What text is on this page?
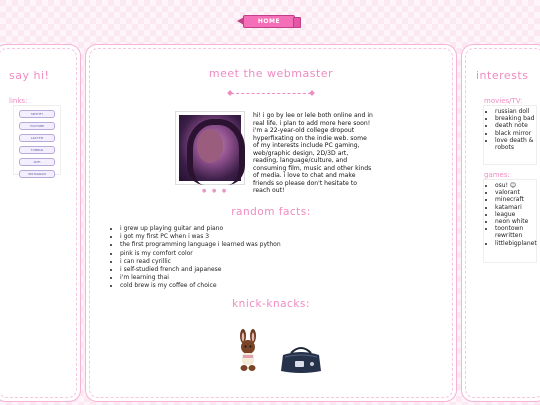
HOME
say hi!
links:
SPOTIFY
YOUTUBE
LAST.FM
TUMBLR
KOFI
INSTAGRAM
meet the webmaster
● ● ●
hi! i go by lee or lele both online and in real life. i plan to add more here soon! i'm a 22-year-old college dropout hyperfixating on the indie web. some of my interests include PC gaming, web/graphic design, 2D/3D art, reading, language/culture, and consuming film, music and other kinds of media. i love to chat and make friends so please don't hesitate to reach out!
random facts:
• i grew up playing guitar and piano
• i got my first PC when i was 3
• the first programming language i learned was python
• pink is my comfort color
• i can read cyrillic
• i self-studied french and japanese
• i'm learning thai
• cold brew is my coffee of choice
knick-knacks:
interests
movies/TV:
• russian doll
• breaking bad
• death note
• black mirror
• love death & robots
games:
• osu! 😊
• valorant
• minecraft
• katamari
• league
• neon white
• toontown rewritten
• littlebigplanet
